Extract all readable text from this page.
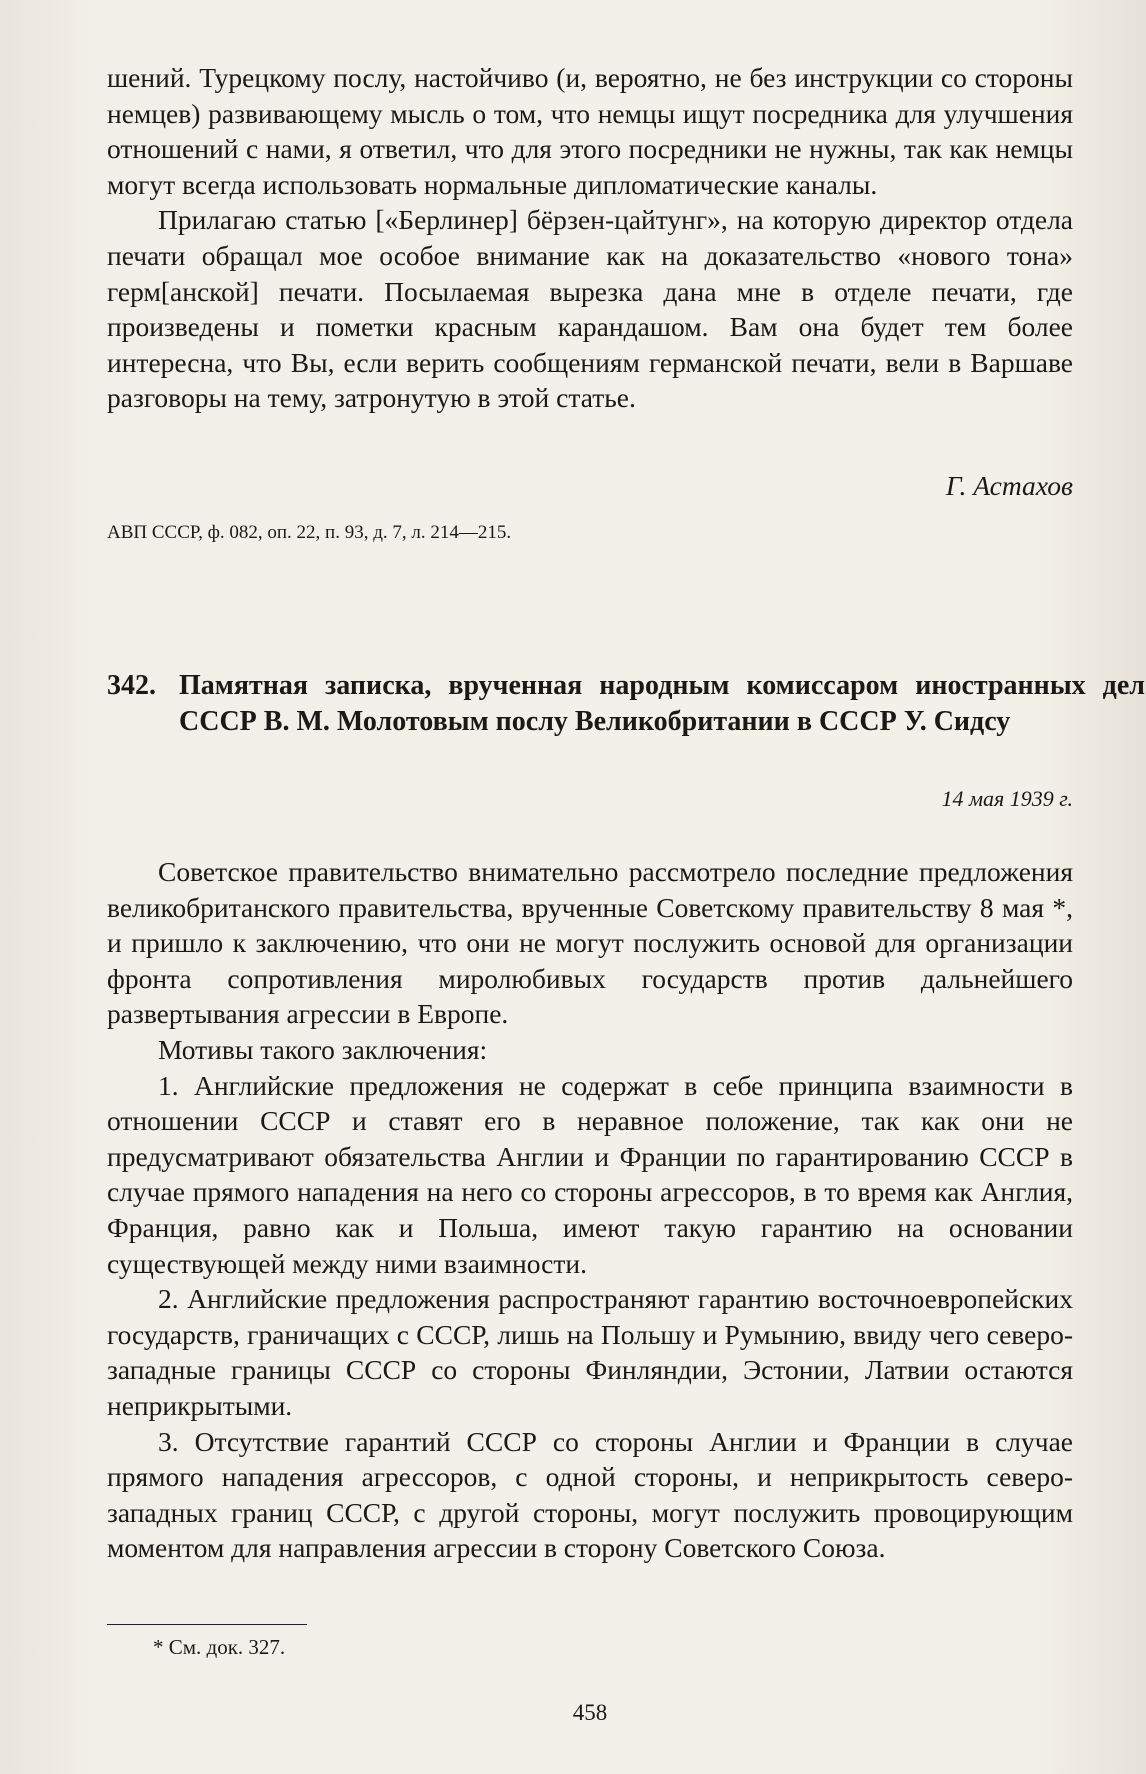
шений. Турецкому послу, настойчиво (и, вероятно, не без инструкции со стороны немцев) развивающему мысль о том, что немцы ищут посредника для улучшения отношений с нами, я ответил, что для этого посредники не нужны, так как немцы могут всегда использовать нормальные дипломатические каналы.

Прилагаю статью [«Берлинер] бёрзен-цайтунг», на которую директор отдела печати обращал мое особое внимание как на доказательство «нового тона» герм[анской] печати. Посылаемая вырезка дана мне в отделе печати, где произведены и пометки красным карандашом. Вам она будет тем более интересна, что Вы, если верить сообщениям германской печати, вели в Варшаве разговоры на тему, затронутую в этой статье.

Г. Астахов
АВП СССР, ф. 082, оп. 22, п. 93, д. 7, л. 214—215.
342. Памятная записка, врученная народным комиссаром иностранных дел СССР В. М. Молотовым послу Великобритании в СССР У. Сидсу
14 мая 1939 г.

Советское правительство внимательно рассмотрело последние предложения великобританского правительства, врученные Советскому правительству 8 мая *, и пришло к заключению, что они не могут послужить основой для организации фронта сопротивления миролюбивых государств против дальнейшего развертывания агрессии в Европе.

Мотивы такого заключения:

1. Английские предложения не содержат в себе принципа взаимности в отношении СССР и ставят его в неравное положение, так как они не предусматривают обязательства Англии и Франции по гарантированию СССР в случае прямого нападения на него со стороны агрессоров, в то время как Англия, Франция, равно как и Польша, имеют такую гарантию на основании существующей между ними взаимности.

2. Английские предложения распространяют гарантию восточноевропейских государств, граничащих с СССР, лишь на Польшу и Румынию, ввиду чего северо-западные границы СССР со стороны Финляндии, Эстонии, Латвии остаются неприкрытыми.

3. Отсутствие гарантий СССР со стороны Англии и Франции в случае прямого нападения агрессоров, с одной стороны, и неприкрытость северо-западных границ СССР, с другой стороны, могут послужить провоцирующим моментом для направления агрессии в сторону Советского Союза.

* См. док. 327.
458
